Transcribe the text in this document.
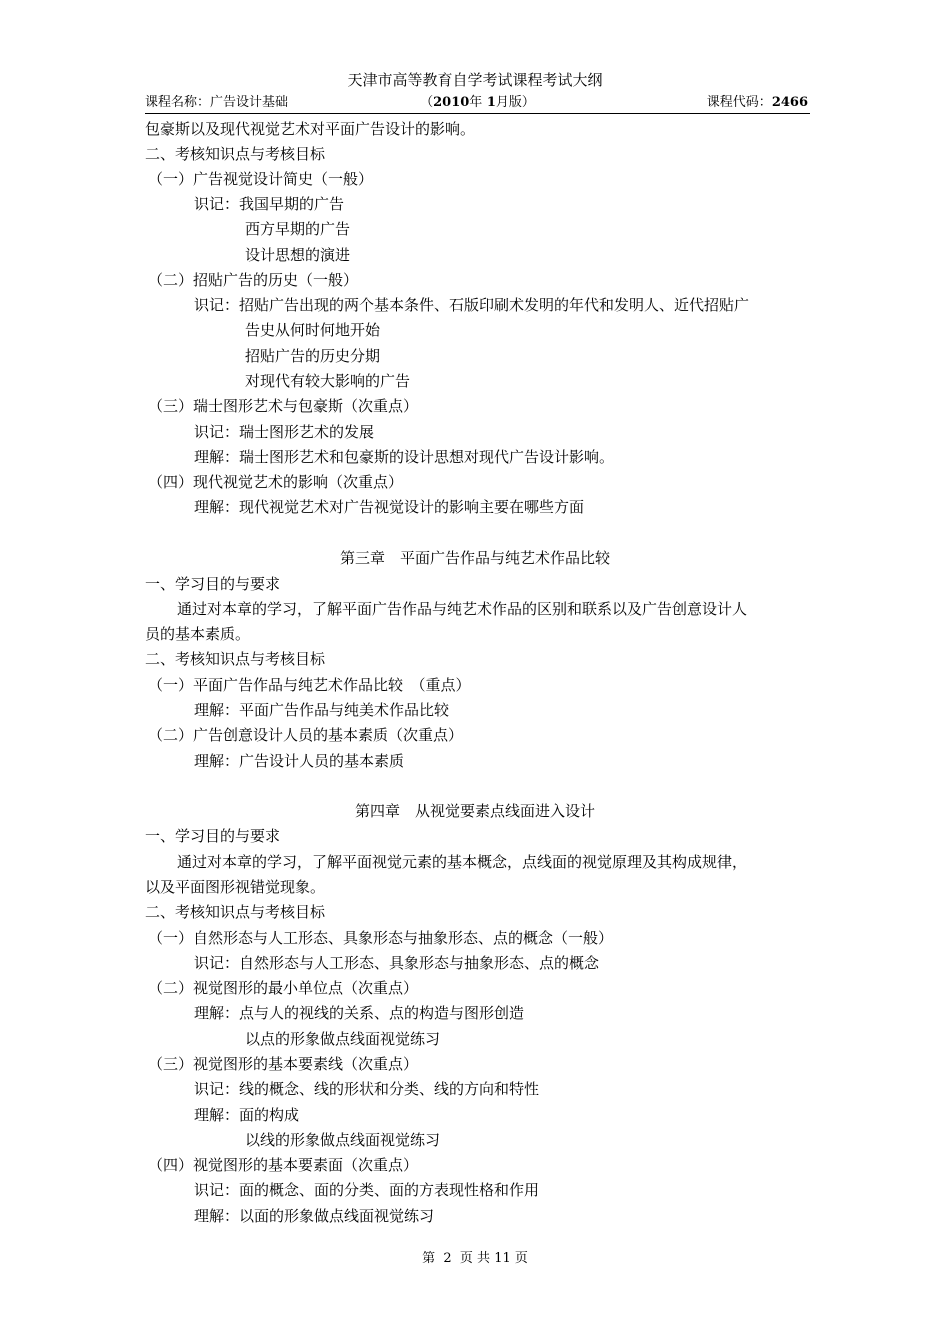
天津市高等教育自学考试课程考试大纲
课程名称：广告设计基础	（2010年 1月版）	课程代码：2466
包豪斯以及现代视觉艺术对平面广告设计的影响。
二、考核知识点与考核目标
（一）广告视觉设计简史（一般）
识记：我国早期的广告
西方早期的广告
设计思想的演进
（二）招贴广告的历史（一般）
识记：招贴广告出现的两个基本条件、石版印刷术发明的年代和发明人、近代招贴广
告史从何时何地开始
招贴广告的历史分期
对现代有较大影响的广告
（三）瑞士图形艺术与包豪斯（次重点）
识记：瑞士图形艺术的发展
理解：瑞士图形艺术和包豪斯的设计思想对现代广告设计影响。
（四）现代视觉艺术的影响（次重点）
理解：现代视觉艺术对广告视觉设计的影响主要在哪些方面
第三章　平面广告作品与纯艺术作品比较
一、学习目的与要求
通过对本章的学习，了解平面广告作品与纯艺术作品的区别和联系以及广告创意设计人
员的基本素质。
二、考核知识点与考核目标
（一）平面广告作品与纯艺术作品比较　（重点）
理解：平面广告作品与纯美术作品比较
（二）广告创意设计人员的基本素质（次重点）
理解：广告设计人员的基本素质
第四章　从视觉要素点线面进入设计
一、学习目的与要求
通过对本章的学习，了解平面视觉元素的基本概念，点线面的视觉原理及其构成规律，
以及平面图形视错觉现象。
二、考核知识点与考核目标
（一）自然形态与人工形态、具象形态与抽象形态、点的概念（一般）
识记：自然形态与人工形态、具象形态与抽象形态、点的概念
（二）视觉图形的最小单位点（次重点）
理解：点与人的视线的关系、点的构造与图形创造
以点的形象做点线面视觉练习
（三）视觉图形的基本要素线（次重点）
识记：线的概念、线的形状和分类、线的方向和特性
理解：面的构成
以线的形象做点线面视觉练习
（四）视觉图形的基本要素面（次重点）
识记：面的概念、面的分类、面的方表现性格和作用
理解：以面的形象做点线面视觉练习
第 2 页 共 11 页
